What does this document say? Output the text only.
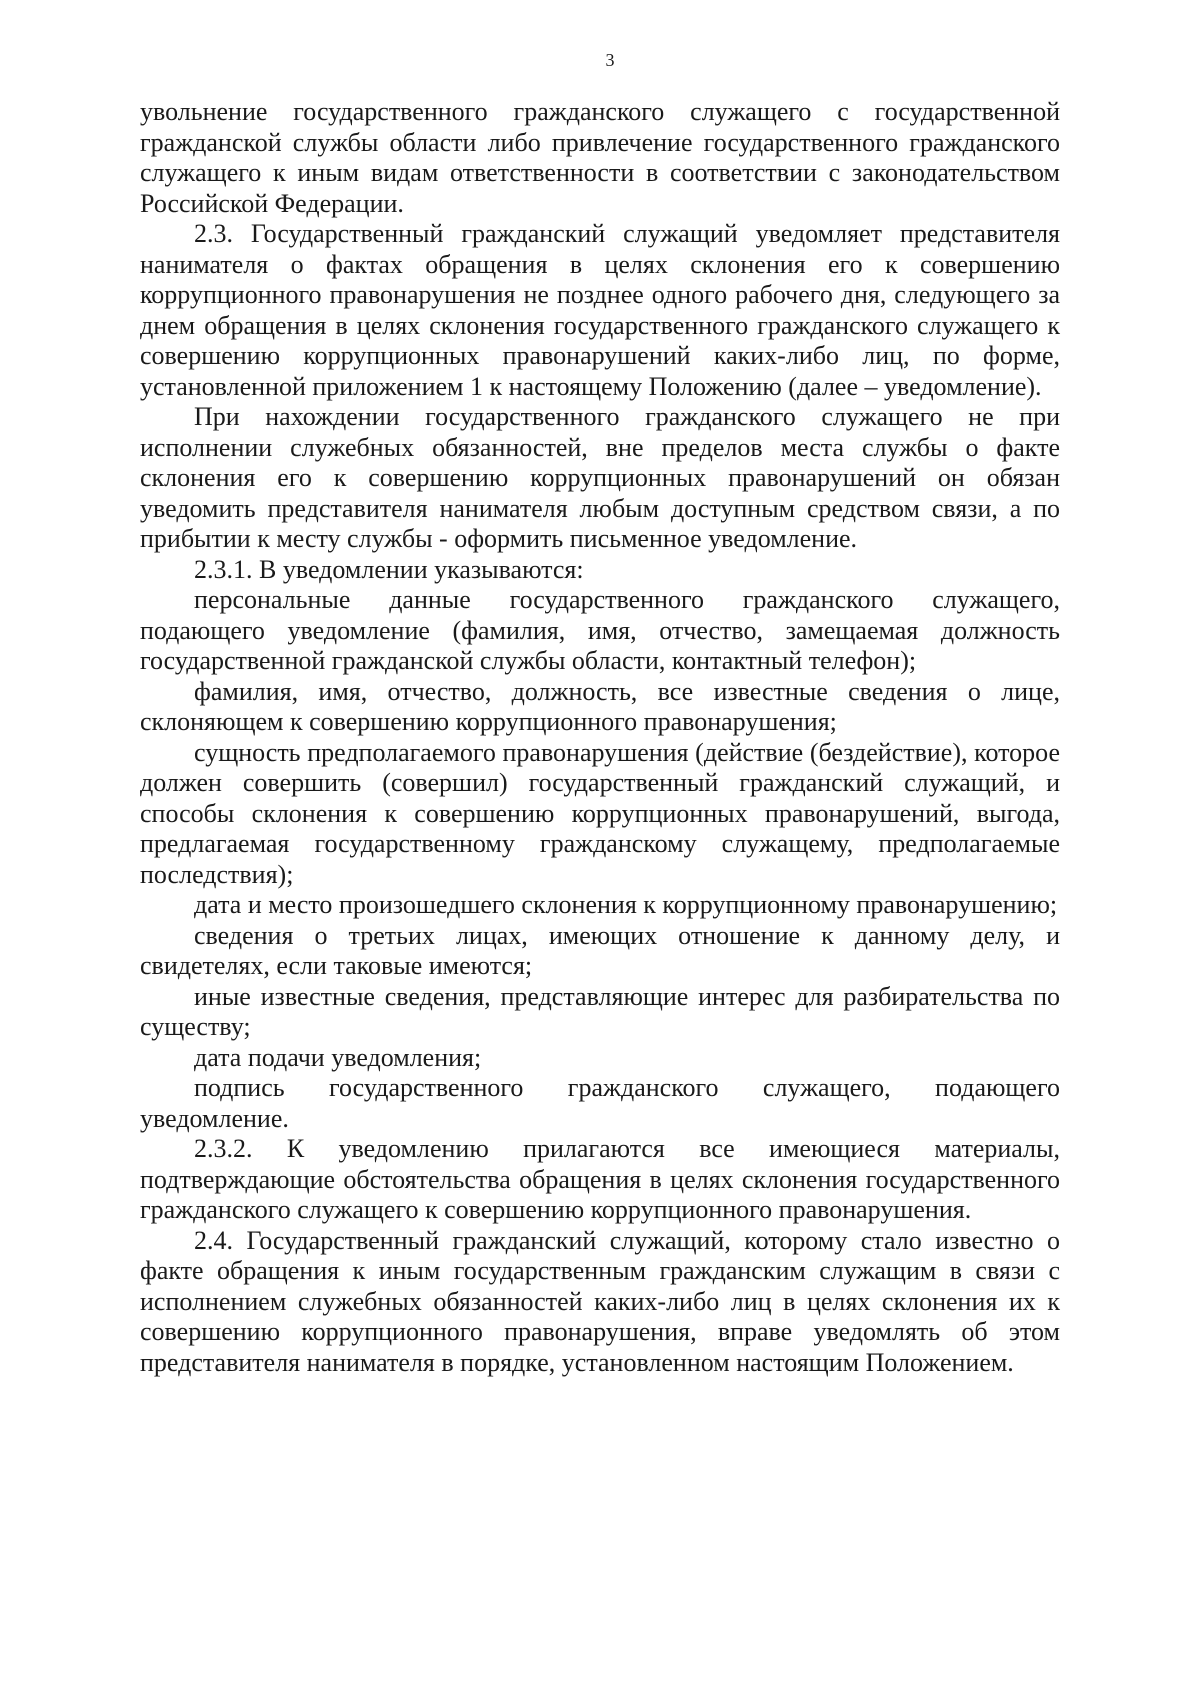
3

увольнение государственного гражданского служащего с государственной гражданской службы области либо привлечение государственного гражданского служащего к иным видам ответственности в соответствии с законодательством Российской Федерации.

2.3. Государственный гражданский служащий уведомляет представителя нанимателя о фактах обращения в целях склонения его к совершению коррупционного правонарушения не позднее одного рабочего дня, следующего за днем обращения в целях склонения государственного гражданского служащего к совершению коррупционных правонарушений каких-либо лиц, по форме, установленной приложением 1 к настоящему Положению (далее – уведомление).

При нахождении государственного гражданского служащего не при исполнении служебных обязанностей, вне пределов места службы о факте склонения его к совершению коррупционных правонарушений он обязан уведомить представителя нанимателя любым доступным средством связи, а по прибытии к месту службы - оформить письменное уведомление.

2.3.1. В уведомлении указываются:

персональные данные государственного гражданского служащего, подающего уведомление (фамилия, имя, отчество, замещаемая должность государственной гражданской службы области, контактный телефон);

фамилия, имя, отчество, должность, все известные сведения о лице, склоняющем к совершению коррупционного правонарушения;

сущность предполагаемого правонарушения (действие (бездействие), которое должен совершить (совершил) государственный гражданский служащий, и способы склонения к совершению коррупционных правонарушений, выгода, предлагаемая государственному гражданскому служащему, предполагаемые последствия);

дата и место произошедшего склонения к коррупционному правонарушению;

сведения о третьих лицах, имеющих отношение к данному делу, и свидетелях, если таковые имеются;

иные известные сведения, представляющие интерес для разбирательства по существу;

дата подачи уведомления;

подпись государственного гражданского служащего, подающего уведомление.

2.3.2. К уведомлению прилагаются все имеющиеся материалы, подтверждающие обстоятельства обращения в целях склонения государственного гражданского служащего к совершению коррупционного правонарушения.

2.4. Государственный гражданский служащий, которому стало известно о факте обращения к иным государственным гражданским служащим в связи с исполнением служебных обязанностей каких-либо лиц в целях склонения их к совершению коррупционного правонарушения, вправе уведомлять об этом представителя нанимателя в порядке, установленном настоящим Положением.
